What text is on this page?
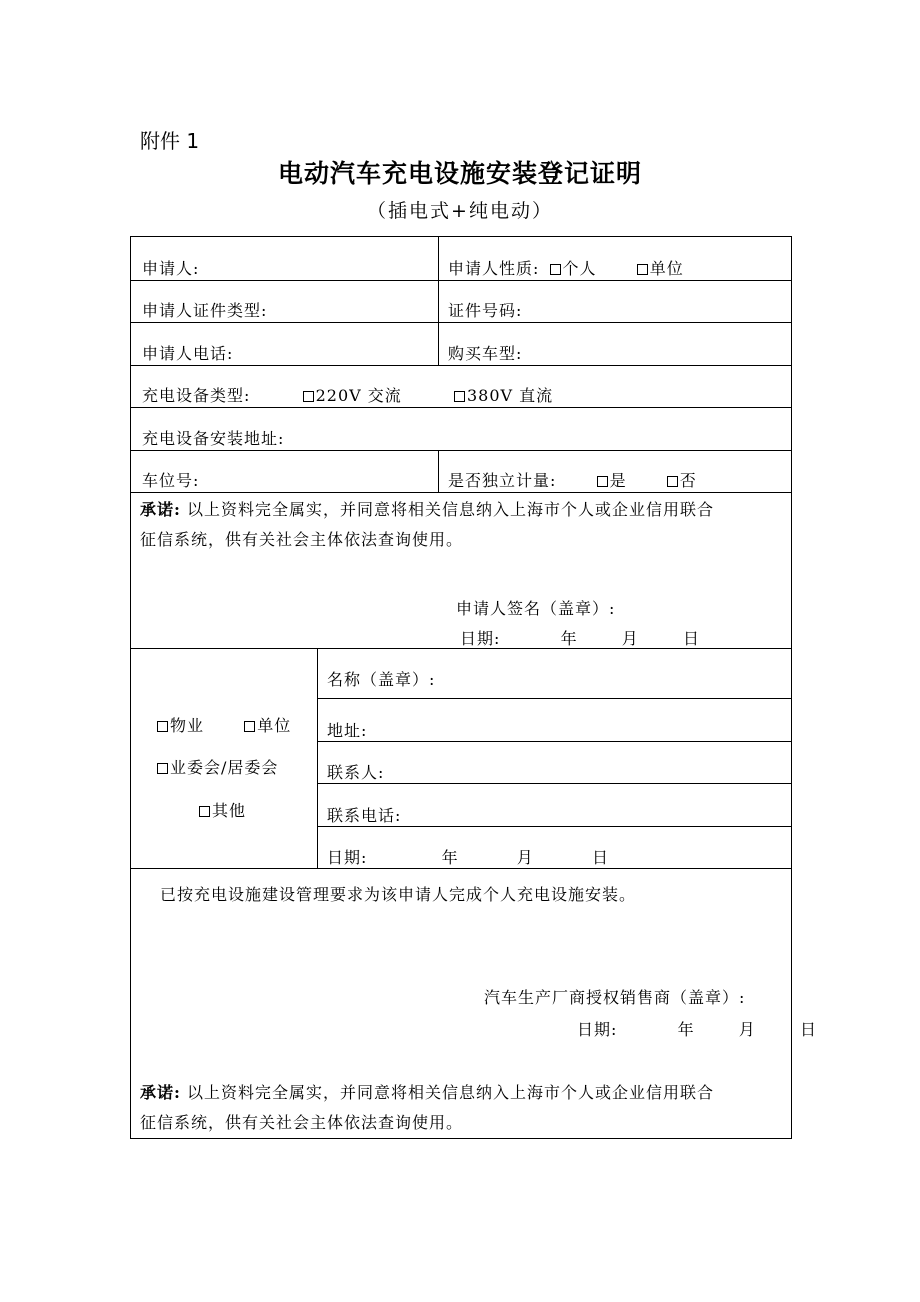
附件 1
电动汽车充电设施安装登记证明
（插电式+纯电动）
申请人:	申请人性质: 个人	单位
申请人证件类型:	证件号码:
申请人电话:	购买车型:
充电设备类型:	220V 交流	380V 直流
充电设备安装地址:
车位号:	是否独立计量:	是	否
承诺: 以上资料完全属实，并同意将相关信息纳入上海市个人或企业信用联合
征信系统，供有关社会主体依法查询使用。
申请人签名（盖章）:
日期:	年	月	日
物业	单位
业委会/居委会
其他
名称（盖章）:
地址:
联系人:
联系电话:
日期:	年	月	日
已按充电设施建设管理要求为该申请人完成个人充电设施安装。
汽车生产厂商授权销售商（盖章）:
日期:	年	月	日
承诺: 以上资料完全属实，并同意将相关信息纳入上海市个人或企业信用联合
征信系统，供有关社会主体依法查询使用。
